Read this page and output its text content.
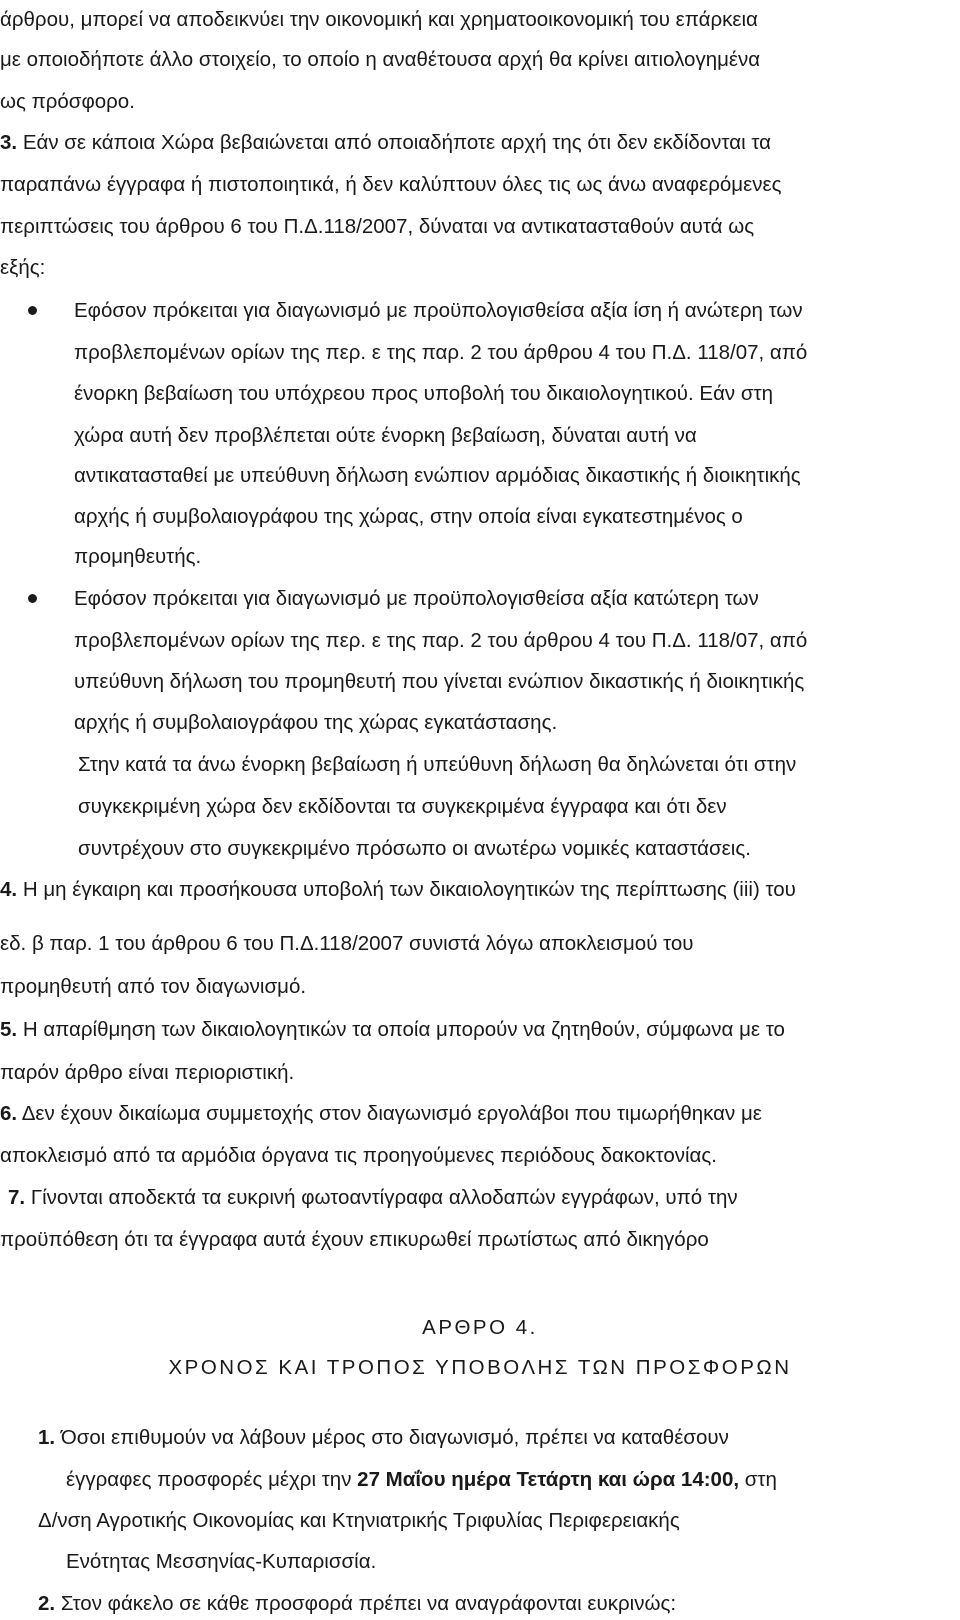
άρθρου, μπορεί να αποδεικνύει την οικονομική και χρηματοοικονομική του επάρκεια
με οποιοδήποτε άλλο στοιχείο, το οποίο η αναθέτουσα αρχή θα κρίνει αιτιολογημένα
ως πρόσφορο.
3. Εάν σε κάποια Χώρα βεβαιώνεται από οποιαδήποτε αρχή της ότι δεν εκδίδονται τα
παραπάνω έγγραφα ή πιστοποιητικά, ή δεν καλύπτουν όλες τις ως άνω αναφερόμενες
περιπτώσεις του άρθρου 6 του Π.Δ.118/2007, δύναται να αντικατασταθούν αυτά ως
εξής:
Εφόσον πρόκειται για διαγωνισμό με προϋπολογισθείσα αξία ίση ή ανώτερη των
προβλεπομένων ορίων της περ. ε της παρ. 2 του άρθρου 4 του Π.Δ. 118/07, από
ένορκη βεβαίωση του υπόχρεου προς υποβολή του δικαιολογητικού. Εάν στη
χώρα αυτή δεν προβλέπεται ούτε ένορκη βεβαίωση, δύναται αυτή να
αντικατασταθεί με υπεύθυνη δήλωση ενώπιον αρμόδιας δικαστικής ή διοικητικής
αρχής ή συμβολαιογράφου της χώρας, στην οποία είναι εγκατεστημένος ο
προμηθευτής.
Εφόσον πρόκειται για διαγωνισμό με προϋπολογισθείσα αξία κατώτερη των
προβλεπομένων ορίων της περ. ε της παρ. 2 του άρθρου 4 του Π.Δ. 118/07, από
υπεύθυνη δήλωση του προμηθευτή που γίνεται ενώπιον δικαστικής ή διοικητικής
αρχής ή συμβολαιογράφου της χώρας εγκατάστασης.
Στην κατά τα άνω ένορκη βεβαίωση ή υπεύθυνη δήλωση θα δηλώνεται ότι στην
συγκεκριμένη χώρα δεν εκδίδονται τα συγκεκριμένα έγγραφα και ότι δεν
συντρέχουν στο συγκεκριμένο πρόσωπο οι ανωτέρω νομικές καταστάσεις.
4. Η μη έγκαιρη και προσήκουσα υποβολή των δικαιολογητικών της περίπτωσης (iii) του
εδ. β παρ. 1 του άρθρου 6 του Π.Δ.118/2007 συνιστά λόγω αποκλεισμού του
προμηθευτή από τον διαγωνισμό.
5. Η απαρίθμηση των δικαιολογητικών τα οποία μπορούν να ζητηθούν, σύμφωνα με το
παρόν άρθρο είναι περιοριστική.
6. Δεν έχουν δικαίωμα συμμετοχής στον διαγωνισμό εργολάβοι που τιμωρήθηκαν με
αποκλεισμό από τα αρμόδια όργανα τις προηγούμενες περιόδους δακοκτονίας.
7. Γίνονται αποδεκτά τα ευκρινή φωτοαντίγραφα αλλοδαπών εγγράφων, υπό την
προϋπόθεση ότι τα έγγραφα αυτά έχουν επικυρωθεί πρωτίστως από δικηγόρο
ΑΡΘΡΟ 4.
ΧΡΟΝΟΣ ΚΑΙ ΤΡΟΠΟΣ ΥΠΟΒΟΛΗΣ ΤΩΝ ΠΡΟΣΦΟΡΩΝ
1. Όσοι επιθυμούν να λάβουν μέρος στο διαγωνισμό, πρέπει να καταθέσουν
έγγραφες προσφορές μέχρι την 27 Μαΐου ημέρα Τετάρτη και ώρα 14:00, στη
Δ/νση Αγροτικής Οικονομίας και Κτηνιατρικής Τριφυλίας Περιφερειακής
Ενότητας Μεσσηνίας-Κυπαρισσία.
2. Στον φάκελο σε κάθε προσφορά πρέπει να αναγράφονται ευκρινώς:
